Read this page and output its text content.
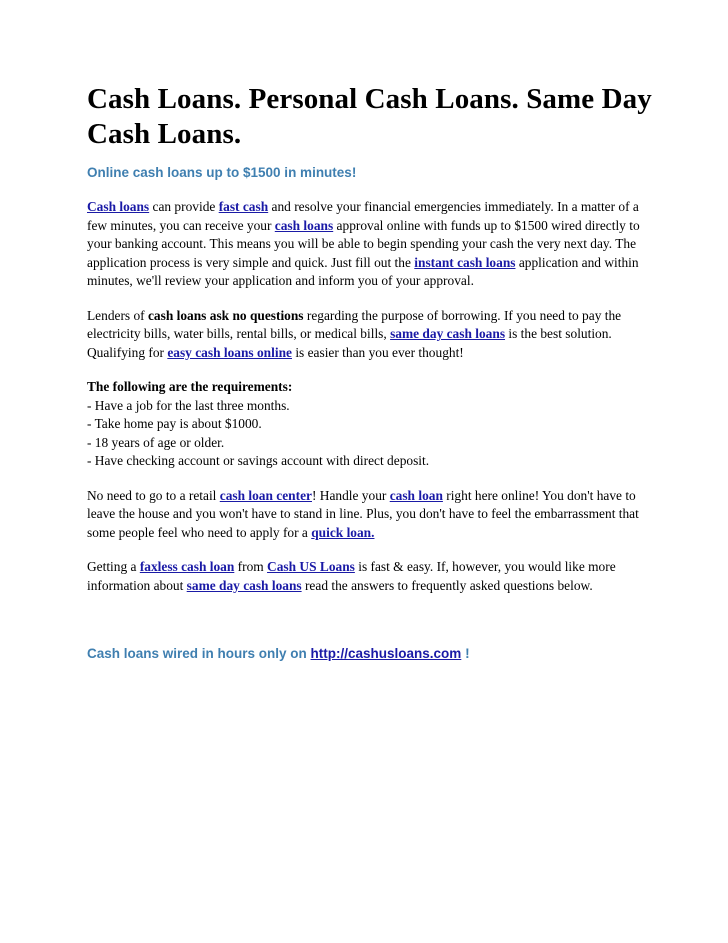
Cash Loans. Personal Cash Loans. Same Day Cash Loans.
Online cash loans up to $1500 in minutes!

Cash loans can provide fast cash and resolve your financial emergencies immediately. In a matter of a few minutes, you can receive your cash loans approval online with funds up to $1500 wired directly to your banking account. This means you will be able to begin spending your cash the very next day. The application process is very simple and quick. Just fill out the instant cash loans application and within minutes, we'll review your application and inform you of your approval.

Lenders of cash loans ask no questions regarding the purpose of borrowing. If you need to pay the electricity bills, water bills, rental bills, or medical bills, same day cash loans is the best solution. Qualifying for easy cash loans online is easier than you ever thought!

The following are the requirements:
- Have a job for the last three months.
- Take home pay is about $1000.
- 18 years of age or older.
- Have checking account or savings account with direct deposit.

No need to go to a retail cash loan center! Handle your cash loan right here online! You don't have to leave the house and you won't have to stand in line. Plus, you don't have to feel the embarrassment that some people feel who need to apply for a quick loan.

Getting a faxless cash loan from Cash US Loans is fast & easy. If, however, you would like more information about same day cash loans read the answers to frequently asked questions below.

Cash loans wired in hours only on http://cashusloans.com !
